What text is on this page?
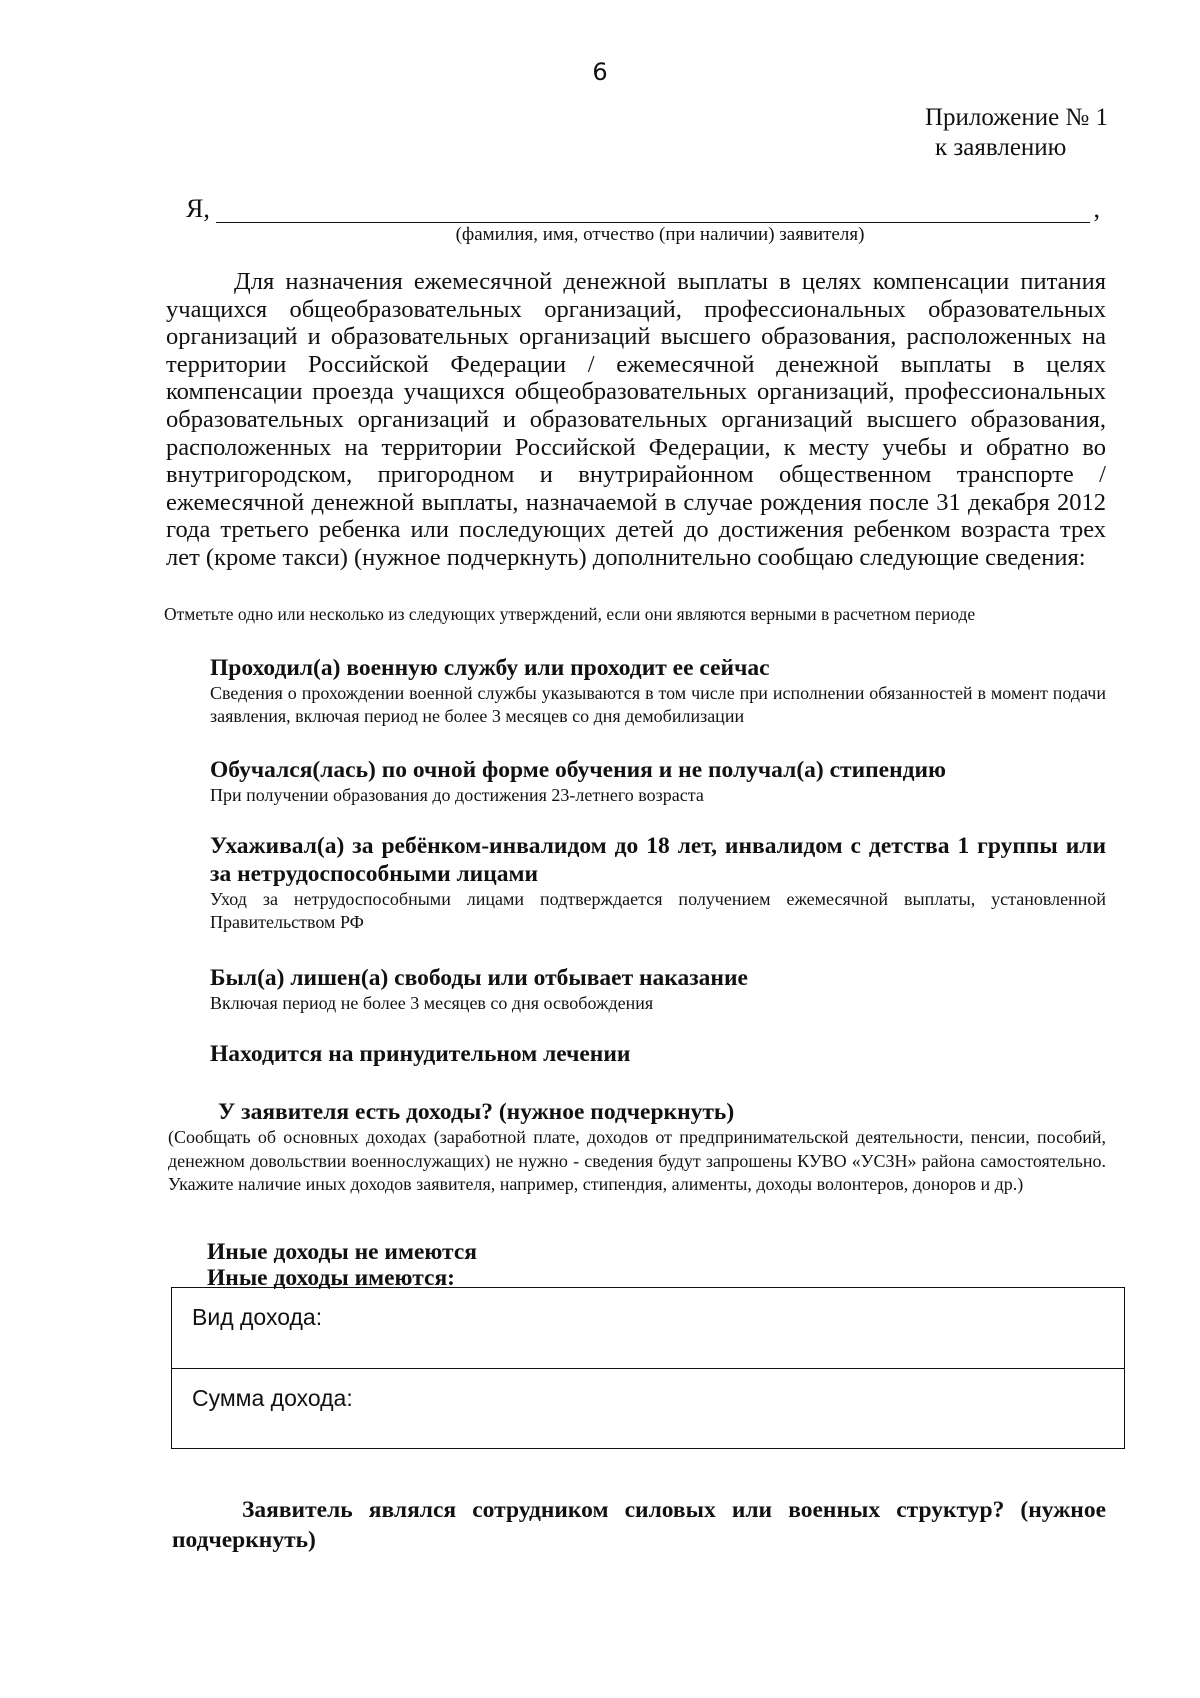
6
Приложение № 1
к заявлению
Я,	,
(фамилия, имя, отчество (при наличии) заявителя)
Для назначения ежемесячной денежной выплаты в целях компенсации питания учащихся общеобразовательных организаций, профессиональных образовательных организаций и образовательных организаций высшего образования, расположенных на территории Российской Федерации / ежемесячной денежной выплаты в целях компенсации проезда учащихся общеобразовательных организаций, профессиональных образовательных организаций и образовательных организаций высшего образования, расположенных на территории Российской Федерации, к месту учебы и обратно во внутригородском, пригородном и внутрирайонном общественном транспорте / ежемесячной денежной выплаты, назначаемой в случае рождения после 31 декабря 2012 года третьего ребенка или последующих детей до достижения ребенком возраста трех лет (кроме такси) (нужное подчеркнуть) дополнительно сообщаю следующие сведения:
Отметьте одно или несколько из следующих утверждений, если они являются верными в расчетном периоде
Проходил(а) военную службу или проходит ее сейчас

Сведения о прохождении военной службы указываются в том числе при исполнении обязанностей в момент подачи заявления, включая период не более 3 месяцев со дня демобилизации

Обучался(лась) по очной форме обучения и не получал(а) стипендию

При получении образования до достижения 23-летнего возраста

Ухаживал(а) за ребёнком-инвалидом до 18 лет, инвалидом с детства 1 группы или за нетрудоспособными лицами

Уход за нетрудоспособными лицами подтверждается получением ежемесячной выплаты, установленной Правительством РФ

Был(а) лишен(а) свободы или отбывает наказание

Включая период не более 3 месяцев со дня освобождения

Находится на принудительном лечении
У заявителя есть доходы? (нужное подчеркнуть)
(Сообщать об основных доходах (заработной плате, доходов от предпринимательской деятельности, пенсии, пособий, денежном довольствии военнослужащих) не нужно - сведения будут запрошены КУВО «УСЗН» района самостоятельно. Укажите наличие иных доходов заявителя, например, стипендия, алименты, доходы волонтеров, доноров и др.)
Иные доходы не имеются
Иные доходы имеются:
Вид дохода:
Сумма дохода:
Заявитель являлся сотрудником силовых или военных структур? (нужное подчеркнуть)
